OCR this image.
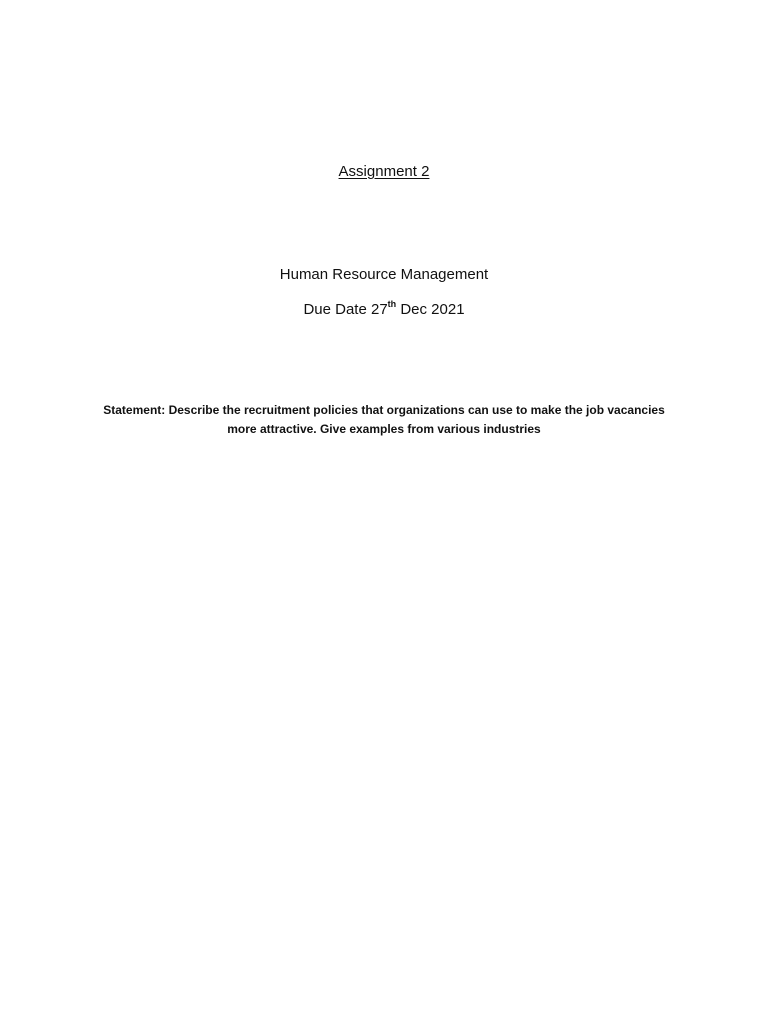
Assignment 2
Human Resource Management
Due Date 27th Dec 2021
Statement: Describe the recruitment policies that organizations can use to make the job vacancies more attractive. Give examples from various industries
